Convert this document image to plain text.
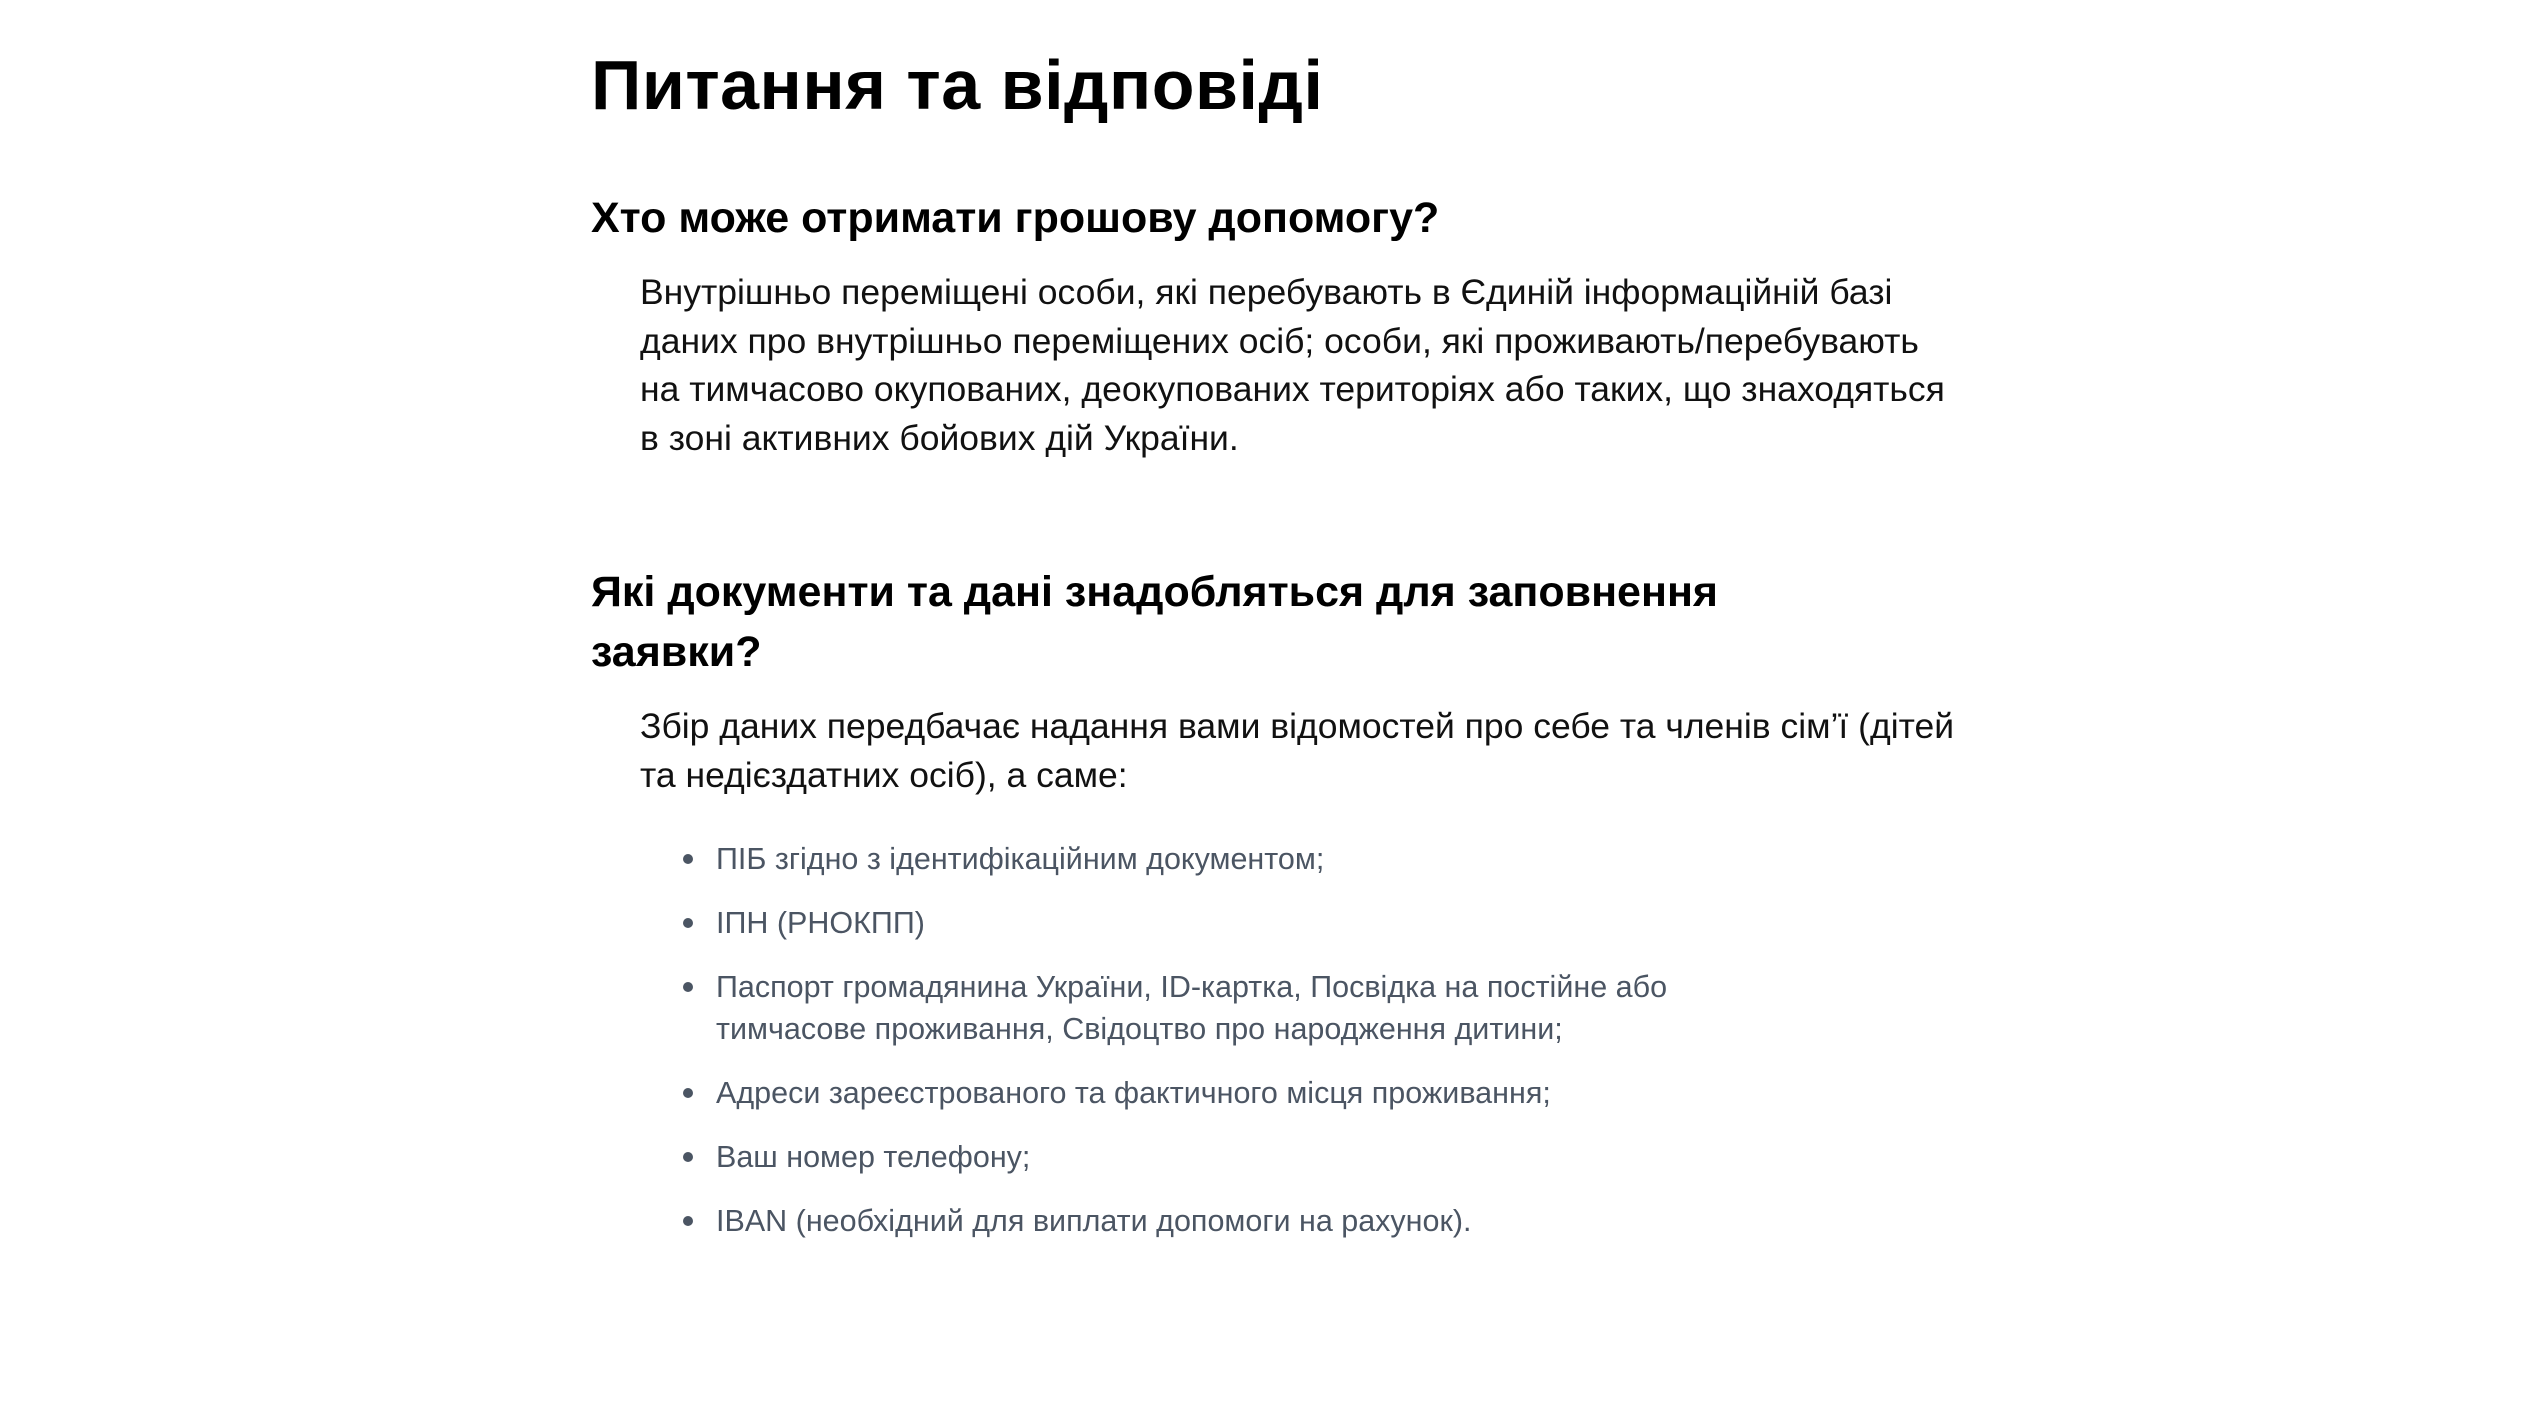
Питання та відповіді
Хто може отримати грошову допомогу?

Внутрішньо переміщені особи, які перебувають в Єдиній інформаційній базі даних про внутрішньо переміщених осіб; особи, які проживають/перебувають на тимчасово окупованих, деокупованих територіях або таких, що знаходяться в зоні активних бойових дій України.

Які документи та дані знадобляться для заповнення заявки?

Збір даних передбачає надання вами відомостей про себе та членів сім’ї (дітей та недієздатних осіб), а саме:

ПІБ згідно з ідентифікаційним документом;
ІПН (РНОКПП)
Паспорт громадянина України, ID-картка, Посвідка на постійне або тимчасове проживання, Свідоцтво про народження дитини;
Адреси зареєстрованого та фактичного місця проживання;
Ваш номер телефону;
IBAN (необхідний для виплати допомоги на рахунок).
